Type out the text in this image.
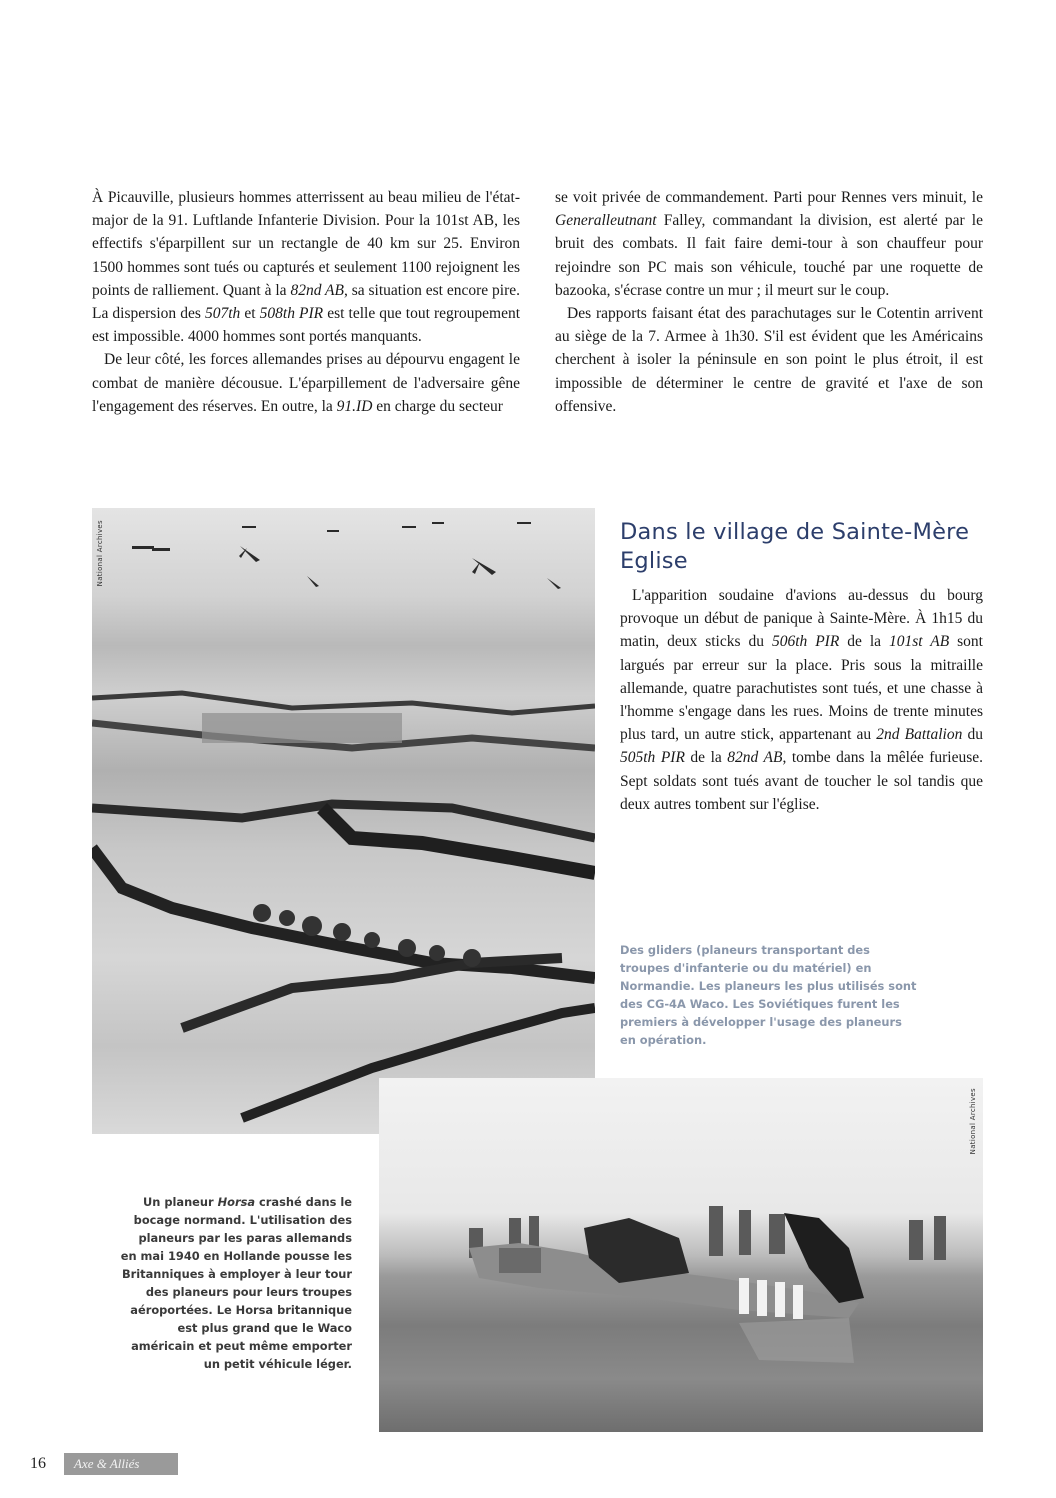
À Picauville, plusieurs hommes atterrissent au beau milieu de l'état-major de la 91. Luftlande Infanterie Division. Pour la 101st AB, les effectifs s'éparpillent sur un rectangle de 40 km sur 25. Environ 1500 hommes sont tués ou capturés et seulement 1100 rejoignent les points de ralliement. Quant à la 82nd AB, sa situation est encore pire. La dispersion des 507th et 508th PIR est telle que tout regroupement est impossible. 4000 hommes sont portés manquants.

De leur côté, les forces allemandes prises au dépourvu engagent le combat de manière décousue. L'éparpillement de l'adversaire gêne l'engagement des réserves. En outre, la 91.ID en charge du secteur

se voit privée de commandement. Parti pour Rennes vers minuit, le Generalleutnant Falley, commandant la division, est alerté par le bruit des combats. Il fait faire demi-tour à son chauffeur pour rejoindre son PC mais son véhicule, touché par une roquette de bazooka, s'écrase contre un mur ; il meurt sur le coup.

Des rapports faisant état des parachutages sur le Cotentin arrivent au siège de la 7. Armee à 1h30. S'il est évident que les Américains cherchent à isoler la péninsule en son point le plus étroit, il est impossible de déterminer le centre de gravité et l'axe de son offensive.

National Archives	Dans le village de Sainte-Mère Eglise

L'apparition soudaine d'avions au-dessus du bourg provoque un début de panique à Sainte-Mère. À 1h15 du matin, deux sticks du 506th PIR de la 101st AB sont largués par erreur sur la place. Pris sous la mitraille allemande, quatre parachutistes sont tués, et une chasse à l'homme s'engage dans les rues. Moins de trente minutes plus tard, un autre stick, appartenant au 2nd Battalion du 505th PIR de la 82nd AB, tombe dans la mêlée furieuse. Sept soldats sont tués avant de toucher le sol tandis que deux autres tombent sur l'église.

Des gliders (planeurs transportant des troupes d'infanterie ou du matériel) en Normandie. Les planeurs les plus utilisés sont des CG-4A Waco. Les Soviétiques furent les premiers à développer l'usage des planeurs en opération.
National Archives
Un planeur Horsa crashé dans le bocage normand. L'utilisation des planeurs par les paras allemands en mai 1940 en Hollande pousse les Britanniques à employer à leur tour des planeurs pour leurs troupes aéroportées. Le Horsa britannique est plus grand que le Waco américain et peut même emporter un petit véhicule léger.
16	Axe & Alliés
